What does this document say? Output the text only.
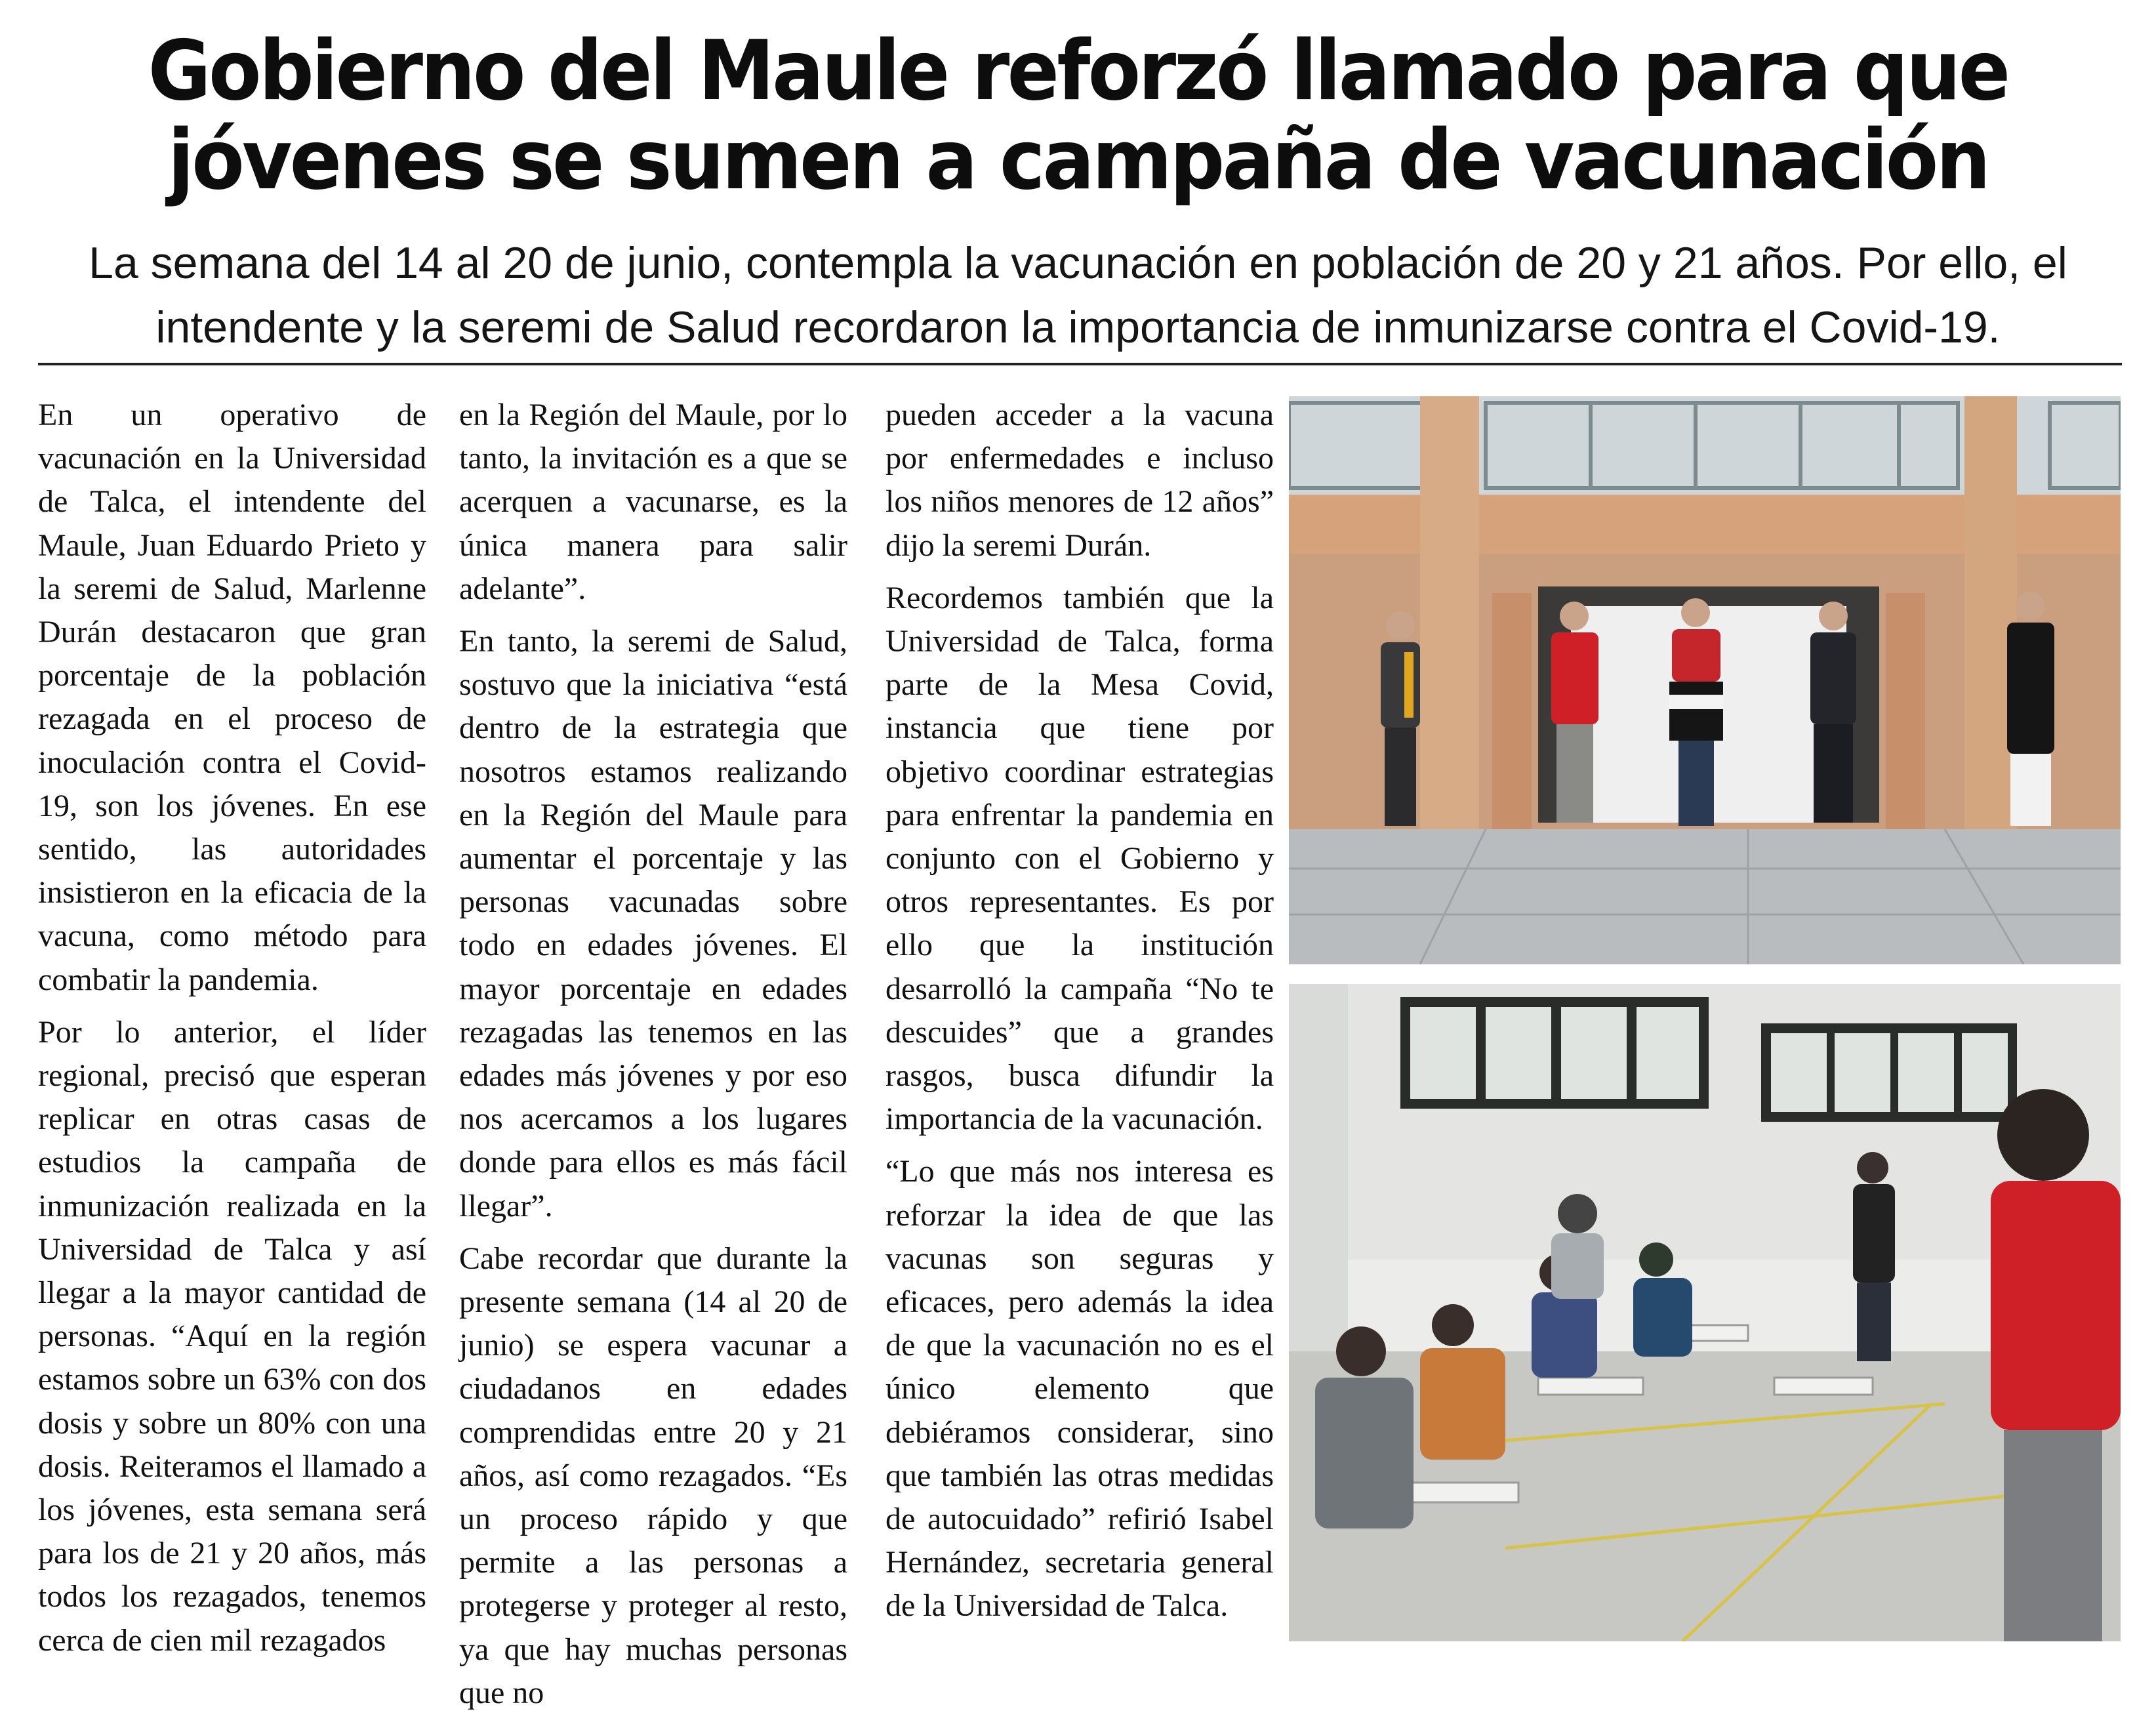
Gobierno del Maule reforzó llamado para que jóvenes se sumen a campaña de vacunación

La semana del 14 al 20 de junio, contempla la vacunación en población de 20 y 21 años. Por ello, el intendente y la seremi de Salud recordaron la importancia de inmunizarse contra el Covid-19.

En un operativo de vacunación en la Universidad de Talca, el intendente del Maule, Juan Eduardo Prieto y la seremi de Salud, Marlenne Durán destacaron que gran porcentaje de la población rezagada en el proceso de inoculación contra el Covid-19, son los jóvenes. En ese sentido, las autoridades insistieron en la eficacia de la vacuna, como método para combatir la pandemia.

Por lo anterior, el líder regional, precisó que esperan replicar en otras casas de estudios la campaña de inmunización realizada en la Universidad de Talca y así llegar a la mayor cantidad de personas. “Aquí en la región estamos sobre un 63% con dos dosis y sobre un 80% con una dosis. Reiteramos el llamado a los jóvenes, esta semana será para los de 21 y 20 años, más todos los rezagados, tenemos cerca de cien mil rezagados

en la Región del Maule, por lo tanto, la invitación es a que se acerquen a vacunarse, es la única manera para salir adelante”.

En tanto, la seremi de Salud, sostuvo que la iniciativa “está dentro de la estrategia que nosotros estamos realizando en la Región del Maule para aumentar el porcentaje y las personas vacunadas sobre todo en edades jóvenes. El mayor porcentaje en edades rezagadas las tenemos en las edades más jóvenes y por eso nos acercamos a los lugares donde para ellos es más fácil llegar”.

Cabe recordar que durante la presente semana (14 al 20 de junio) se espera vacunar a ciudadanos en edades comprendidas entre 20 y 21 años, así como rezagados. “Es un proceso rápido y que permite a las personas a protegerse y proteger al resto, ya que hay muchas personas que no

pueden acceder a la vacuna por enfermedades e incluso los niños menores de 12 años” dijo la seremi Durán.

Recordemos también que la Universidad de Talca, forma parte de la Mesa Covid, instancia que tiene por objetivo coordinar estrategias para enfrentar la pandemia en conjunto con el Gobierno y otros representantes. Es por ello que la institución desarrolló la campaña “No te descuides” que a grandes rasgos, busca difundir la importancia de la vacunación.

“Lo que más nos interesa es reforzar la idea de que las vacunas son seguras y eficaces, pero además la idea de que la vacunación no es el único elemento que debiéramos considerar, sino que también las otras medidas de autocuidado” refirió Isabel Hernández, secretaria general de la Universidad de Talca.
